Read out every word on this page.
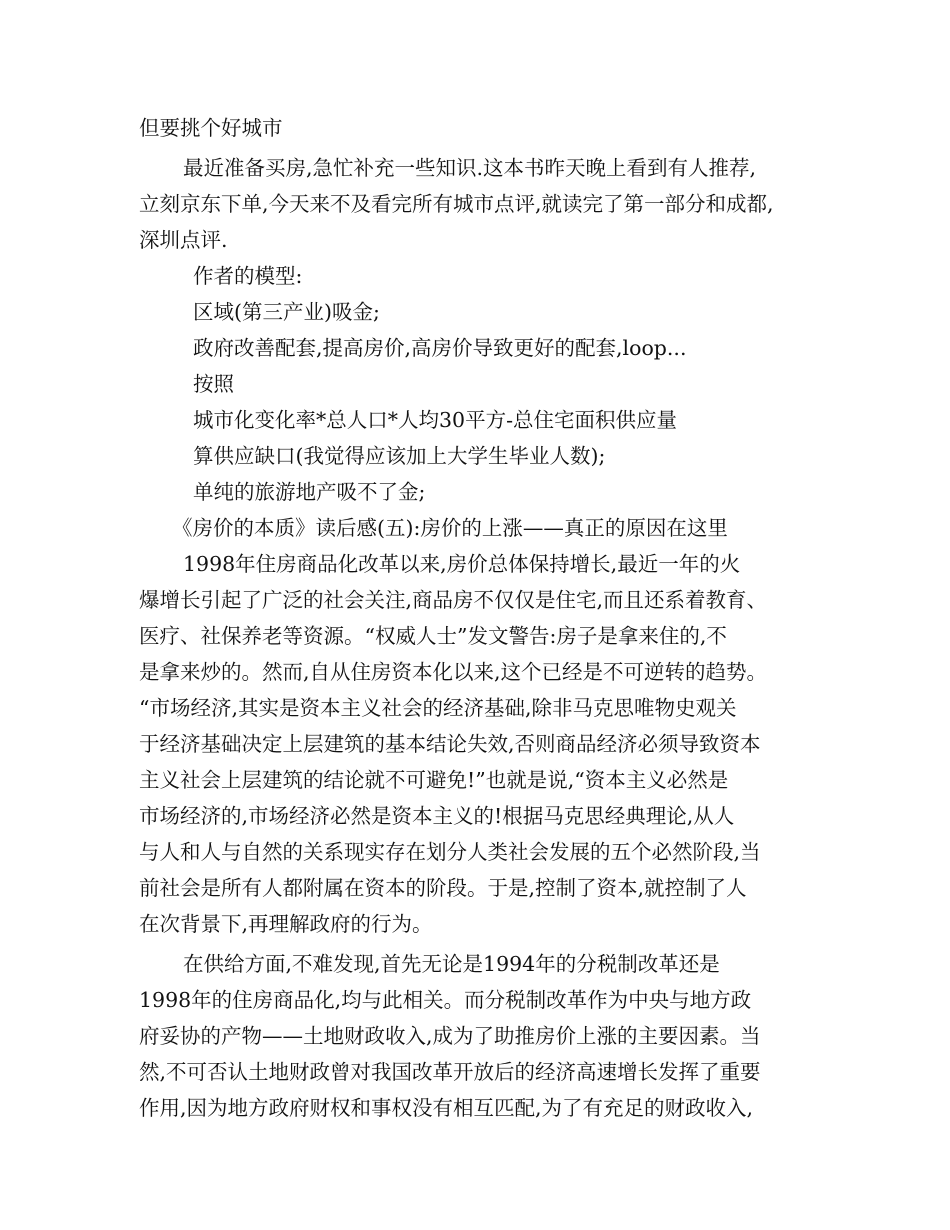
但要挑个好城市
最近准备买房,急忙补充一些知识.这本书昨天晚上看到有人推荐,
立刻京东下单,今天来不及看完所有城市点评,就读完了第一部分和成都,
深圳点评.
作者的模型:
区域(第三产业)吸金;
政府改善配套,提高房价,高房价导致更好的配套,loop...
按照
城市化变化率*总人口*人均30平方-总住宅面积供应量
算供应缺口(我觉得应该加上大学生毕业人数);
单纯的旅游地产吸不了金;
《房价的本质》读后感(五):房价的上涨——真正的原因在这里
1998年住房商品化改革以来,房价总体保持增长,最近一年的火
爆增长引起了广泛的社会关注,商品房不仅仅是住宅,而且还系着教育、
医疗、社保养老等资源。“权威人士”发文警告:房子是拿来住的,不
是拿来炒的。然而,自从住房资本化以来,这个已经是不可逆转的趋势。
“市场经济,其实是资本主义社会的经济基础,除非马克思唯物史观关
于经济基础决定上层建筑的基本结论失效,否则商品经济必须导致资本
主义社会上层建筑的结论就不可避免!”也就是说,“资本主义必然是
市场经济的,市场经济必然是资本主义的!根据马克思经典理论,从人
与人和人与自然的关系现实存在划分人类社会发展的五个必然阶段,当
前社会是所有人都附属在资本的阶段。于是,控制了资本,就控制了人
在次背景下,再理解政府的行为。
在供给方面,不难发现,首先无论是1994年的分税制改革还是
1998年的住房商品化,均与此相关。而分税制改革作为中央与地方政
府妥协的产物——土地财政收入,成为了助推房价上涨的主要因素。当
然,不可否认土地财政曾对我国改革开放后的经济高速增长发挥了重要
作用,因为地方政府财权和事权没有相互匹配,为了有充足的财政收入,
